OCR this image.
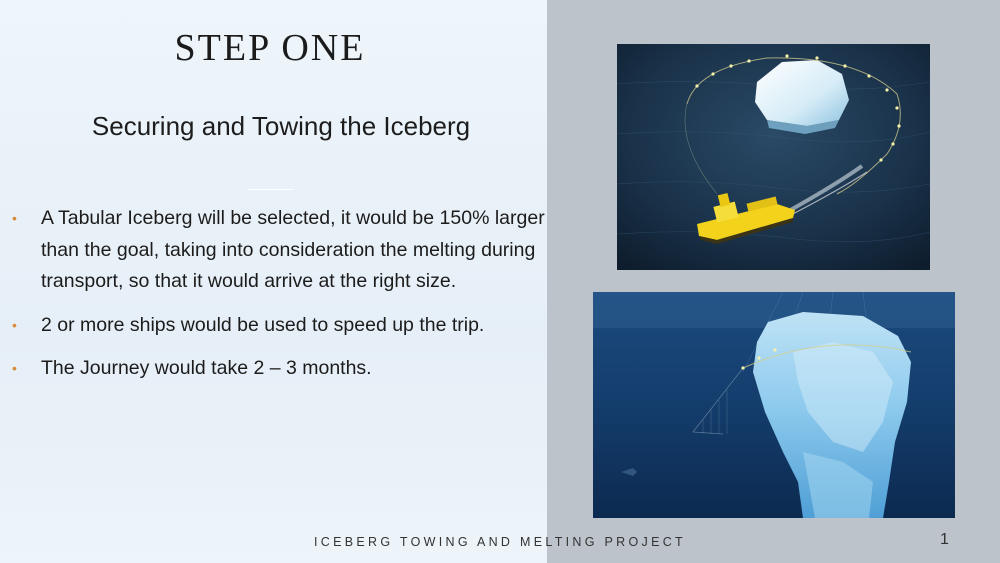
STEP ONE
Securing and Towing the Iceberg
• A Tabular Iceberg will be selected, it would be 150% larger than the goal, taking into consideration the melting during transport, so that it would arrive at the right size.
• 2 or more ships would be used to speed up the trip.
• The Journey would take 2 – 3 months.
ICEBERG TOWING AND MELTING PROJECT	1
